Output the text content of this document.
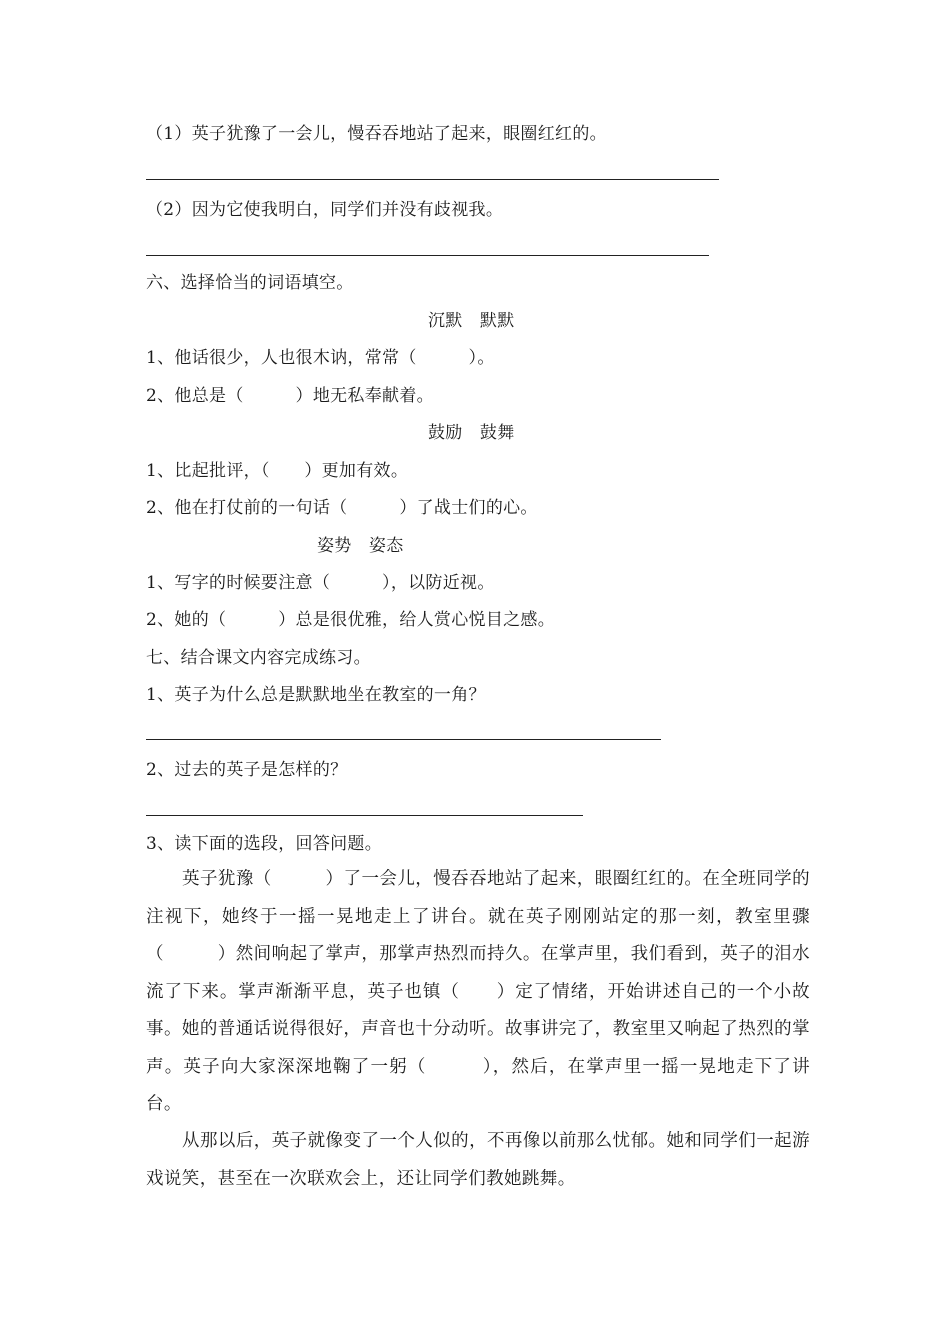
（1）英子犹豫了一会儿，慢吞吞地站了起来，眼圈红红的。
（2）因为它使我明白，同学们并没有歧视我。
六、选择恰当的词语填空。
沉默　默默
1、他话很少，人也很木讷，常常（　　　）。
2、他总是（　　　）地无私奉献着。
鼓励　鼓舞
1、比起批评，（　　）更加有效。
2、他在打仗前的一句话（　　　）了战士们的心。
姿势　姿态
1、写字的时候要注意（　　　），以防近视。
2、她的（　　　）总是很优雅，给人赏心悦目之感。
七、结合课文内容完成练习。
1、英子为什么总是默默地坐在教室的一角？
2、过去的英子是怎样的？
3、读下面的选段，回答问题。

英子犹豫（　　　）了一会儿，慢吞吞地站了起来，眼圈红红的。在全班同学的注视下，她终于一摇一晃地走上了讲台。就在英子刚刚站定的那一刻，教室里骤（　　　）然间响起了掌声，那掌声热烈而持久。在掌声里，我们看到，英子的泪水流了下来。掌声渐渐平息，英子也镇（　　）定了情绪，开始讲述自己的一个小故事。她的普通话说得很好，声音也十分动听。故事讲完了，教室里又响起了热烈的掌声。英子向大家深深地鞠了一躬（　　　），然后，在掌声里一摇一晃地走下了讲台。

从那以后，英子就像变了一个人似的，不再像以前那么忧郁。她和同学们一起游戏说笑，甚至在一次联欢会上，还让同学们教她跳舞。
